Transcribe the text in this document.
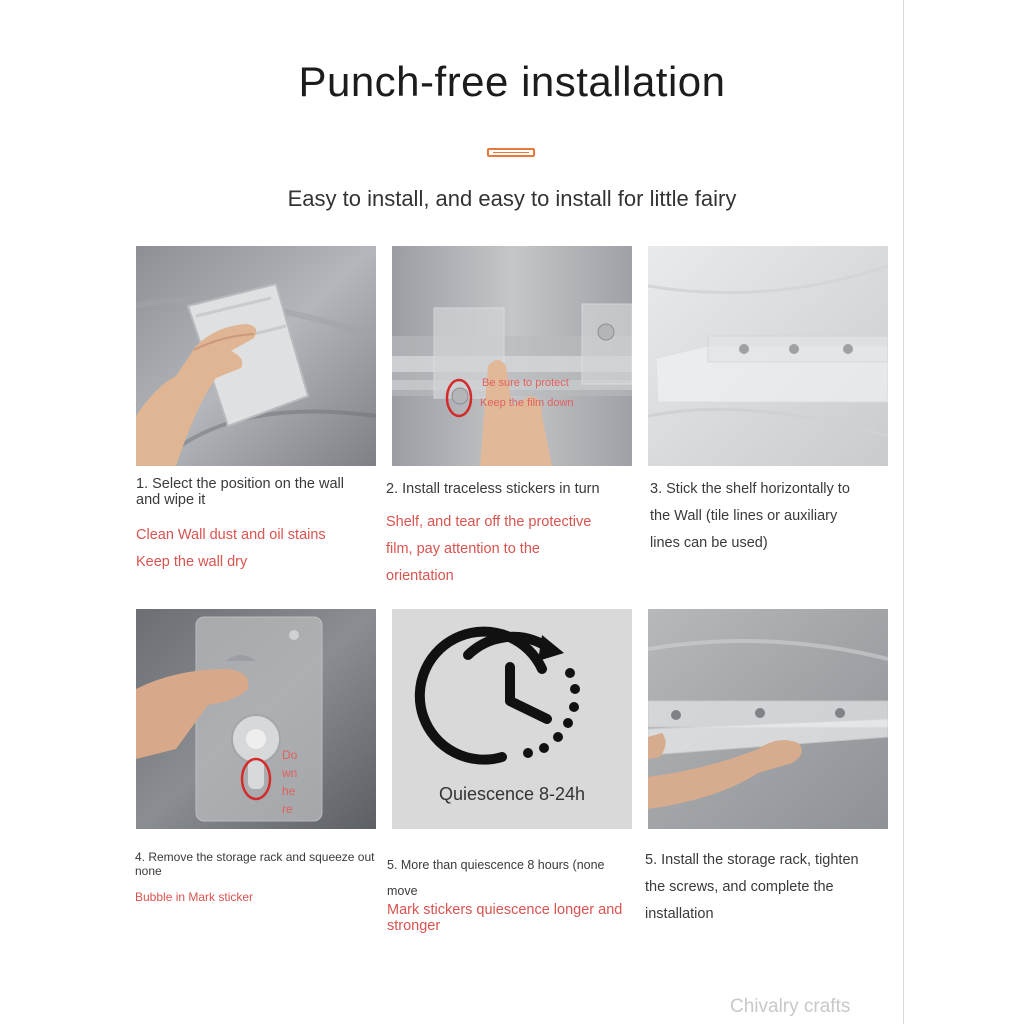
Punch-free installation
Easy to install, and easy to install for little fairy
Be sure to protect
Keep the film down
1. Select the position on the wall and wipe it
Clean Wall dust and oil stains
Keep the wall dry
2. Install traceless stickers in turn
Shelf, and tear off the protective
film, pay attention to the
orientation
3. Stick the shelf horizontally to
the Wall (tile lines or auxiliary
lines can be used)
Do
wn
he
re
Quiescence 8-24h
4. Remove the storage rack and squeeze out none
Bubble in Mark sticker
5. More than quiescence 8 hours (none
move
Mark stickers quiescence longer and stronger
5. Install the storage rack, tighten
the screws, and complete the
installation
Chivalry crafts
